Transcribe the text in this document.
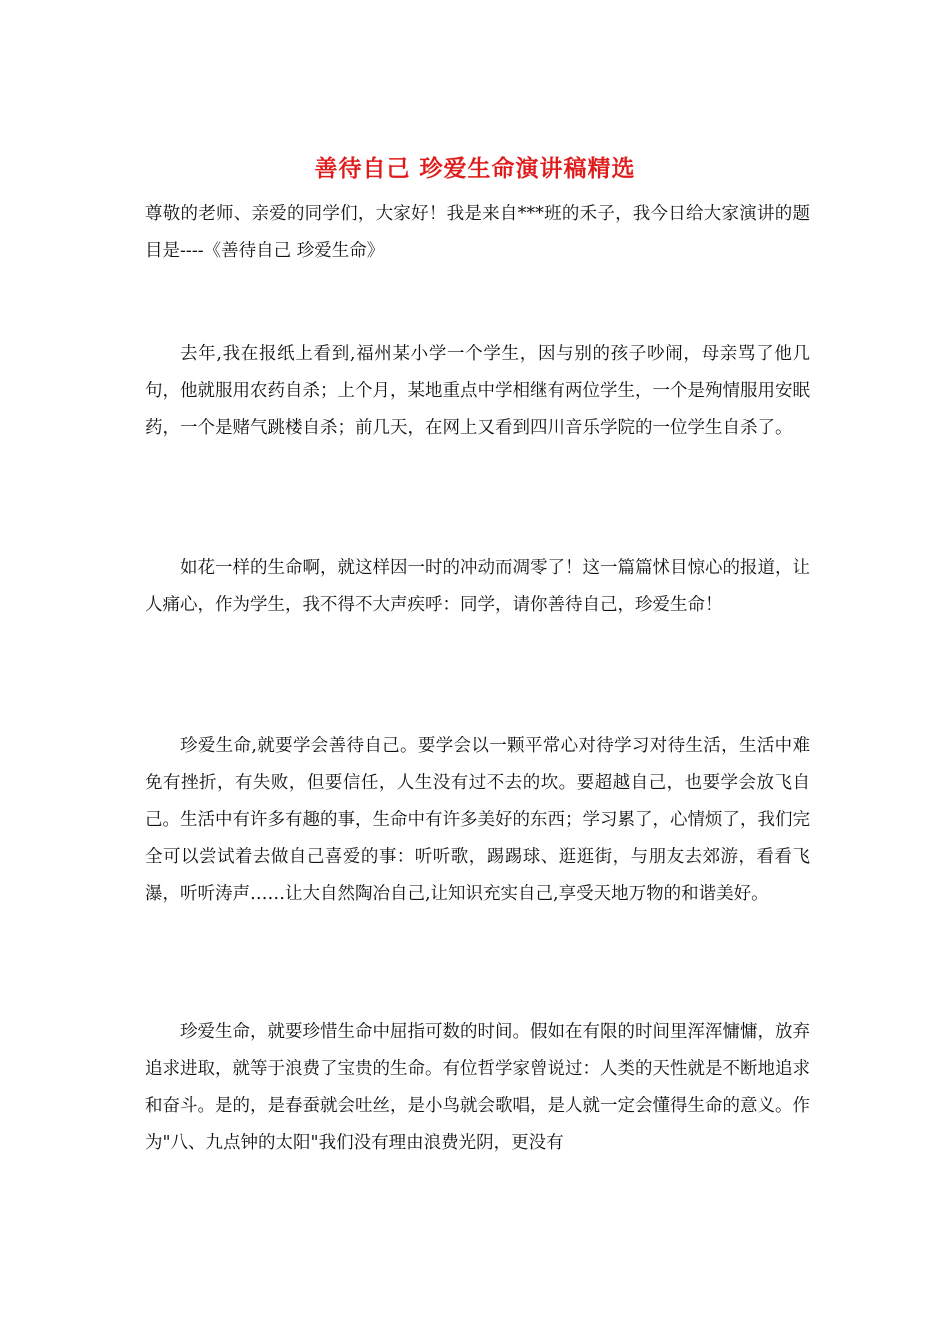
善待自己 珍爱生命演讲稿精选

尊敬的老师、亲爱的同学们，大家好！我是来自***班的禾子，我今日给大家演讲的题目是----《善待自己 珍爱生命》

去年,我在报纸上看到,福州某小学一个学生，因与别的孩子吵闹，母亲骂了他几句，他就服用农药自杀；上个月，某地重点中学相继有两位学生，一个是殉情服用安眠药，一个是赌气跳楼自杀；前几天，在网上又看到四川音乐学院的一位学生自杀了。

如花一样的生命啊，就这样因一时的冲动而凋零了！这一篇篇怵目惊心的报道，让人痛心，作为学生，我不得不大声疾呼：同学，请你善待自己，珍爱生命！

珍爱生命,就要学会善待自己。要学会以一颗平常心对待学习对待生活，生活中难免有挫折，有失败，但要信任，人生没有过不去的坎。要超越自己，也要学会放飞自己。生活中有许多有趣的事，生命中有许多美好的东西；学习累了，心情烦了，我们完全可以尝试着去做自己喜爱的事：听听歌，踢踢球、逛逛街，与朋友去郊游，看看飞瀑，听听涛声……让大自然陶冶自己,让知识充实自己,享受天地万物的和谐美好。

珍爱生命，就要珍惜生命中屈指可数的时间。假如在有限的时间里浑浑慵慵，放弃追求进取，就等于浪费了宝贵的生命。有位哲学家曾说过：人类的天性就是不断地追求和奋斗。是的，是春蚕就会吐丝，是小鸟就会歌唱，是人就一定会懂得生命的意义。作为"八、九点钟的太阳"我们没有理由浪费光阴，更没有
